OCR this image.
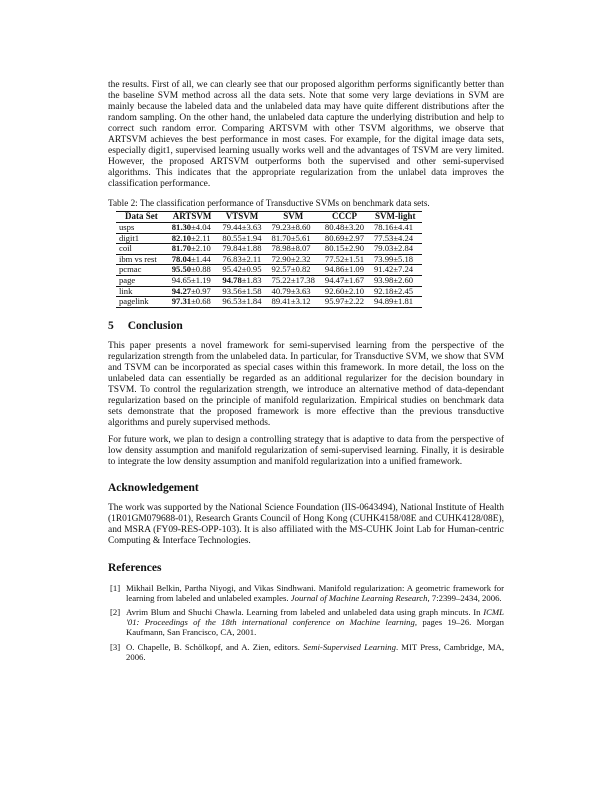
the results. First of all, we can clearly see that our proposed algorithm performs significantly better than the baseline SVM method across all the data sets. Note that some very large deviations in SVM are mainly because the labeled data and the unlabeled data may have quite different distributions after the random sampling. On the other hand, the unlabeled data capture the underlying distribution and help to correct such random error. Comparing ARTSVM with other TSVM algorithms, we observe that ARTSVM achieves the best performance in most cases. For example, for the digital image data sets, especially digit1, supervised learning usually works well and the advantages of TSVM are very limited. However, the proposed ARTSVM outperforms both the supervised and other semi-supervised algorithms. This indicates that the appropriate regularization from the unlabel data improves the classification performance.

Table 2: The classification performance of Transductive SVMs on benchmark data sets.
Data Set	ARTSVM	VTSVM	SVM	CCCP	SVM-light
usps	81.30±4.04	79.44±3.63	79.23±8.60	80.48±3.20	78.16±4.41
digit1	82.10±2.11	80.55±1.94	81.70±5.61	80.69±2.97	77.53±4.24
coil	81.70±2.10	79.84±1.88	78.98±8.07	80.15±2.90	79.03±2.84
ibm vs rest	78.04±1.44	76.83±2.11	72.90±2.32	77.52±1.51	73.99±5.18
pcmac	95.50±0.88	95.42±0.95	92.57±0.82	94.86±1.09	91.42±7.24
page	94.65±1.19	94.78±1.83	75.22±17.38	94.47±1.67	93.98±2.60
link	94.27±0.97	93.56±1.58	40.79±3.63	92.60±2.10	92.18±2.45
pagelink	97.31±0.68	96.53±1.84	89.41±3.12	95.97±2.22	94.89±1.81
5 Conclusion

This paper presents a novel framework for semi-supervised learning from the perspective of the regularization strength from the unlabeled data. In particular, for Transductive SVM, we show that SVM and TSVM can be incorporated as special cases within this framework. In more detail, the loss on the unlabeled data can essentially be regarded as an additional regularizer for the decision boundary in TSVM. To control the regularization strength, we introduce an alternative method of data-dependant regularization based on the principle of manifold regularization. Empirical studies on benchmark data sets demonstrate that the proposed framework is more effective than the previous transductive algorithms and purely supervised methods.

For future work, we plan to design a controlling strategy that is adaptive to data from the perspective of low density assumption and manifold regularization of semi-supervised learning. Finally, it is desirable to integrate the low density assumption and manifold regularization into a unified framework.

Acknowledgement

The work was supported by the National Science Foundation (IIS-0643494), National Institute of Health (1R01GM079688-01), Research Grants Council of Hong Kong (CUHK4158/08E and CUHK4128/08E), and MSRA (FY09-RES-OPP-103). It is also affiliated with the MS-CUHK Joint Lab for Human-centric Computing & Interface Technologies.

References
[1] Mikhail Belkin, Partha Niyogi, and Vikas Sindhwani. Manifold regularization: A geometric framework for learning from labeled and unlabeled examples. Journal of Machine Learning Research, 7:2399–2434, 2006.
[2] Avrim Blum and Shuchi Chawla. Learning from labeled and unlabeled data using graph mincuts. In ICML '01: Proceedings of the 18th international conference on Machine learning, pages 19–26. Morgan Kaufmann, San Francisco, CA, 2001.
[3] O. Chapelle, B. Schölkopf, and A. Zien, editors. Semi-Supervised Learning. MIT Press, Cambridge, MA, 2006.
